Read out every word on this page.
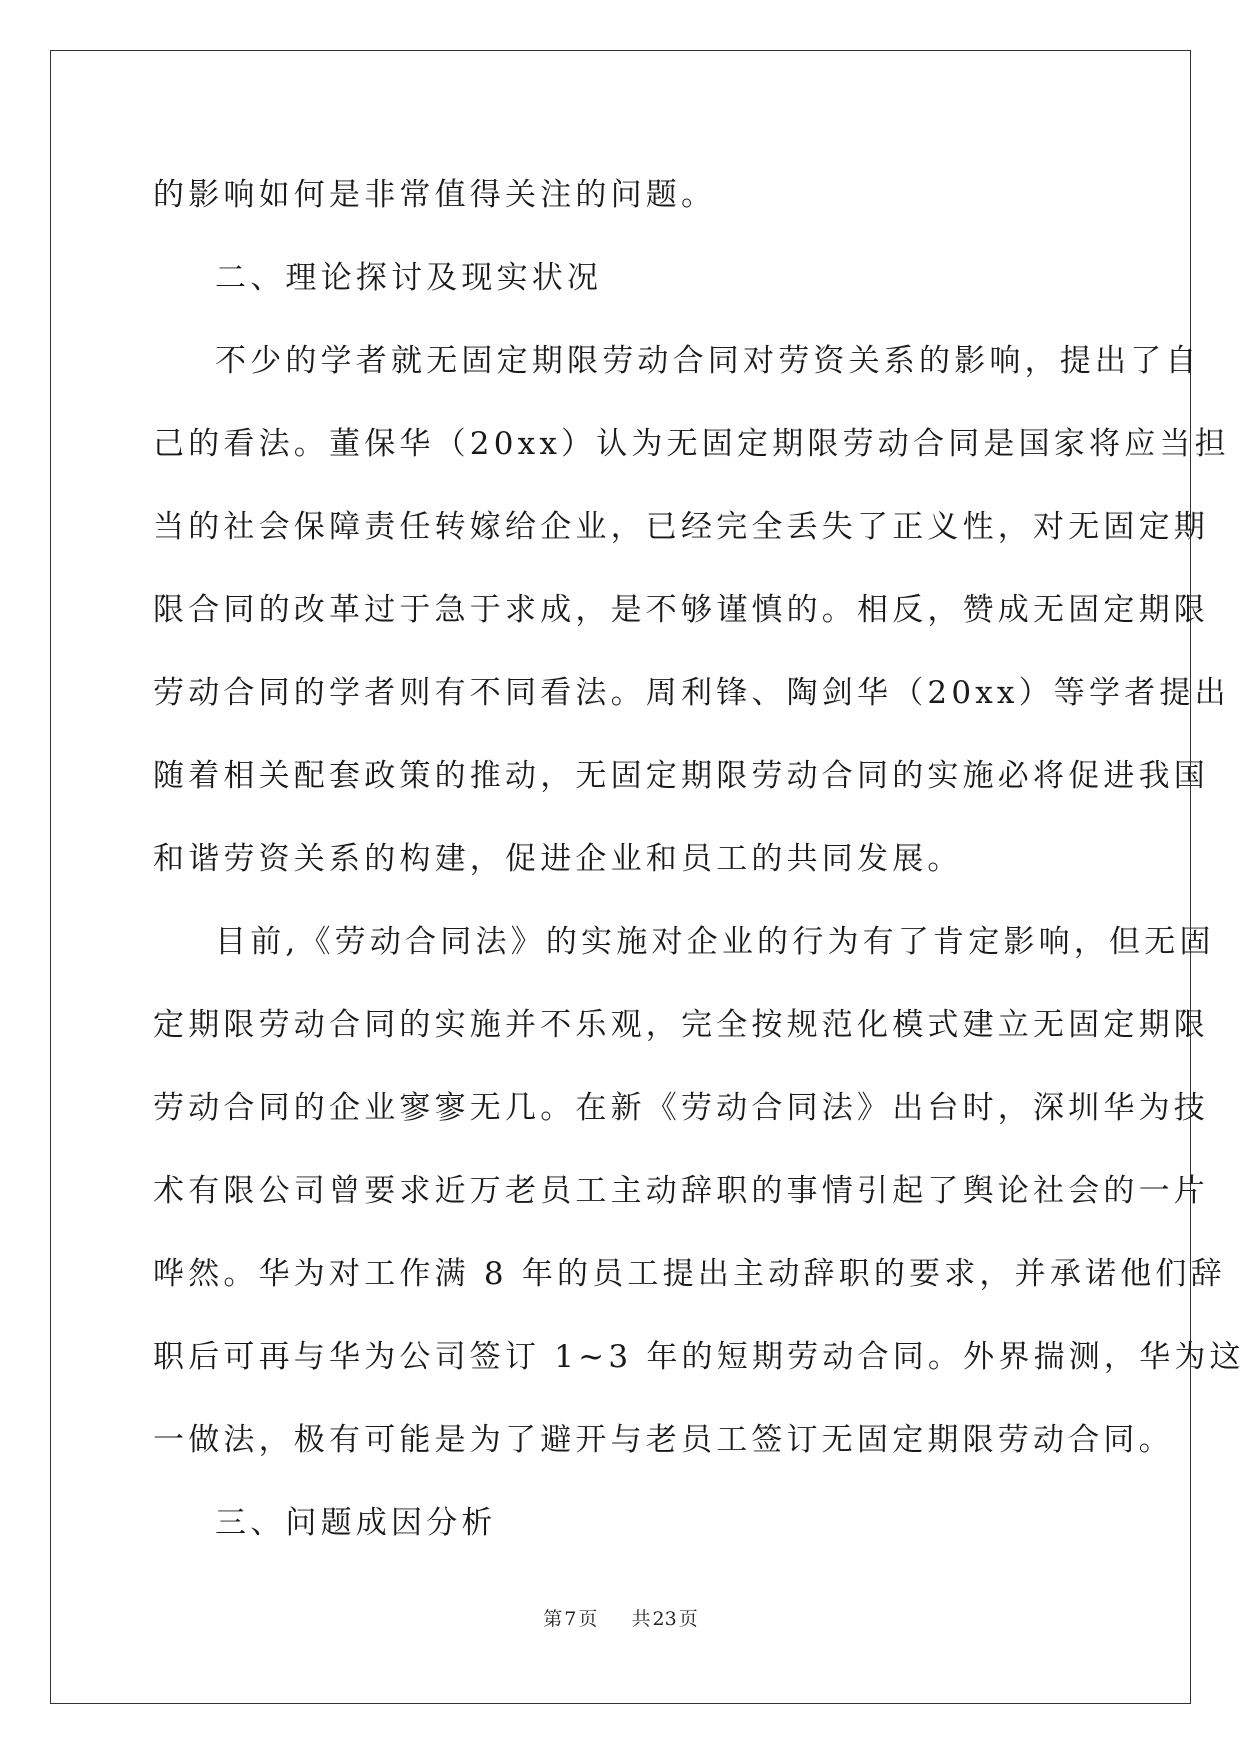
的影响如何是非常值得关注的问题。
二、理论探讨及现实状况
不少的学者就无固定期限劳动合同对劳资关系的影响，提出了自
己的看法。董保华（20xx）认为无固定期限劳动合同是国家将应当担
当的社会保障责任转嫁给企业，已经完全丢失了正义性，对无固定期
限合同的改革过于急于求成，是不够谨慎的。相反，赞成无固定期限
劳动合同的学者则有不同看法。周利锋、陶剑华（20xx）等学者提出
随着相关配套政策的推动，无固定期限劳动合同的实施必将促进我国
和谐劳资关系的构建，促进企业和员工的共同发展。
目前,《劳动合同法》的实施对企业的行为有了肯定影响，但无固
定期限劳动合同的实施并不乐观，完全按规范化模式建立无固定期限
劳动合同的企业寥寥无几。在新《劳动合同法》出台时，深圳华为技
术有限公司曾要求近万老员工主动辞职的事情引起了舆论社会的一片
哗然。华为对工作满 8 年的员工提出主动辞职的要求，并承诺他们辞
职后可再与华为公司签订 1~3 年的短期劳动合同。外界揣测，华为这
一做法，极有可能是为了避开与老员工签订无固定期限劳动合同。
三、问题成因分析
第 7 页 共 23 页
